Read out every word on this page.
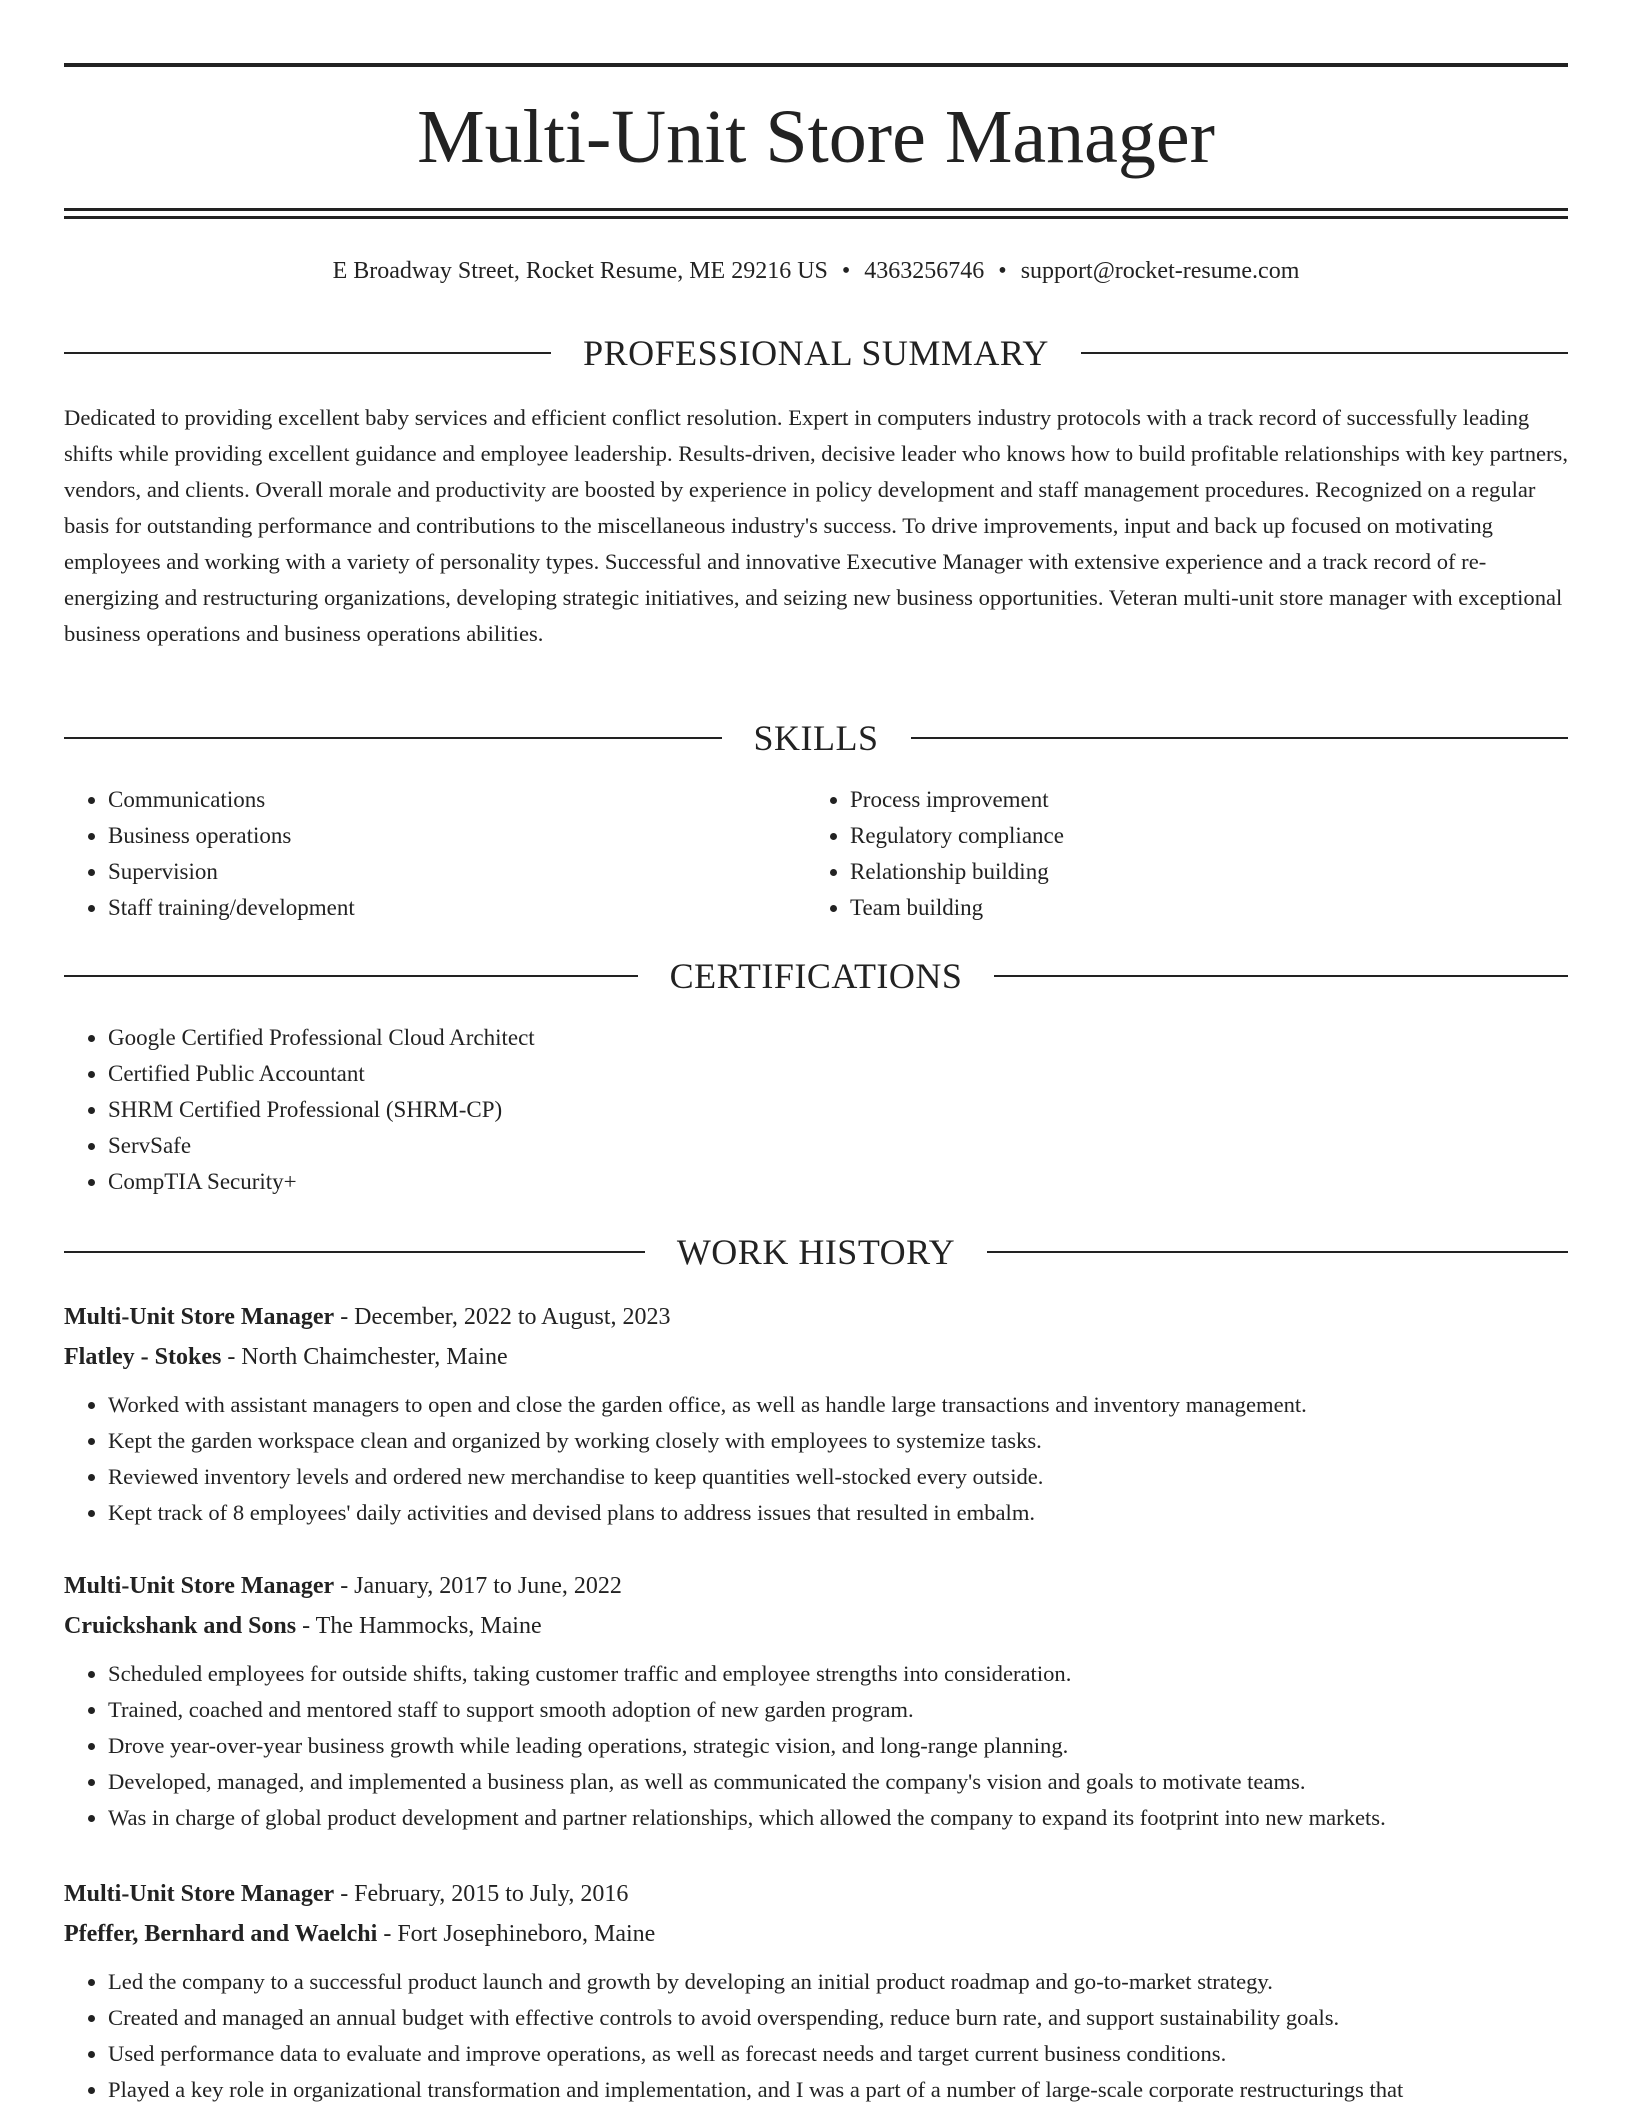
Multi-Unit Store Manager
E Broadway Street, Rocket Resume, ME 29216 US • 4363256746 • support@rocket-resume.com
PROFESSIONAL SUMMARY

Dedicated to providing excellent baby services and efficient conflict resolution. Expert in computers industry protocols with a track record of successfully leading shifts while providing excellent guidance and employee leadership. Results-driven, decisive leader who knows how to build profitable relationships with key partners, vendors, and clients. Overall morale and productivity are boosted by experience in policy development and staff management procedures. Recognized on a regular basis for outstanding performance and contributions to the miscellaneous industry's success. To drive improvements, input and back up focused on motivating employees and working with a variety of personality types. Successful and innovative Executive Manager with extensive experience and a track record of re-energizing and restructuring organizations, developing strategic initiatives, and seizing new business opportunities. Veteran multi-unit store manager with exceptional business operations and business operations abilities.

SKILLS
• Communications
• Business operations
• Supervision
• Staff training/development
• Process improvement
• Regulatory compliance
• Relationship building
• Team building
CERTIFICATIONS
• Google Certified Professional Cloud Architect
• Certified Public Accountant
• SHRM Certified Professional (SHRM-CP)
• ServSafe
• CompTIA Security+
WORK HISTORY
Multi-Unit Store Manager - December, 2022 to August, 2023
Flatley - Stokes - North Chaimchester, Maine
• Worked with assistant managers to open and close the garden office, as well as handle large transactions and inventory management.
• Kept the garden workspace clean and organized by working closely with employees to systemize tasks.
• Reviewed inventory levels and ordered new merchandise to keep quantities well-stocked every outside.
• Kept track of 8 employees' daily activities and devised plans to address issues that resulted in embalm.
Multi-Unit Store Manager - January, 2017 to June, 2022
Cruickshank and Sons - The Hammocks, Maine
• Scheduled employees for outside shifts, taking customer traffic and employee strengths into consideration.
• Trained, coached and mentored staff to support smooth adoption of new garden program.
• Drove year-over-year business growth while leading operations, strategic vision, and long-range planning.
• Developed, managed, and implemented a business plan, as well as communicated the company's vision and goals to motivate teams.
• Was in charge of global product development and partner relationships, which allowed the company to expand its footprint into new markets.
Multi-Unit Store Manager - February, 2015 to July, 2016
Pfeffer, Bernhard and Waelchi - Fort Josephineboro, Maine
• Led the company to a successful product launch and growth by developing an initial product roadmap and go-to-market strategy.
• Created and managed an annual budget with effective controls to avoid overspending, reduce burn rate, and support sustainability goals.
• Used performance data to evaluate and improve operations, as well as forecast needs and target current business conditions.
• Played a key role in organizational transformation and implementation, and I was a part of a number of large-scale corporate restructurings that
